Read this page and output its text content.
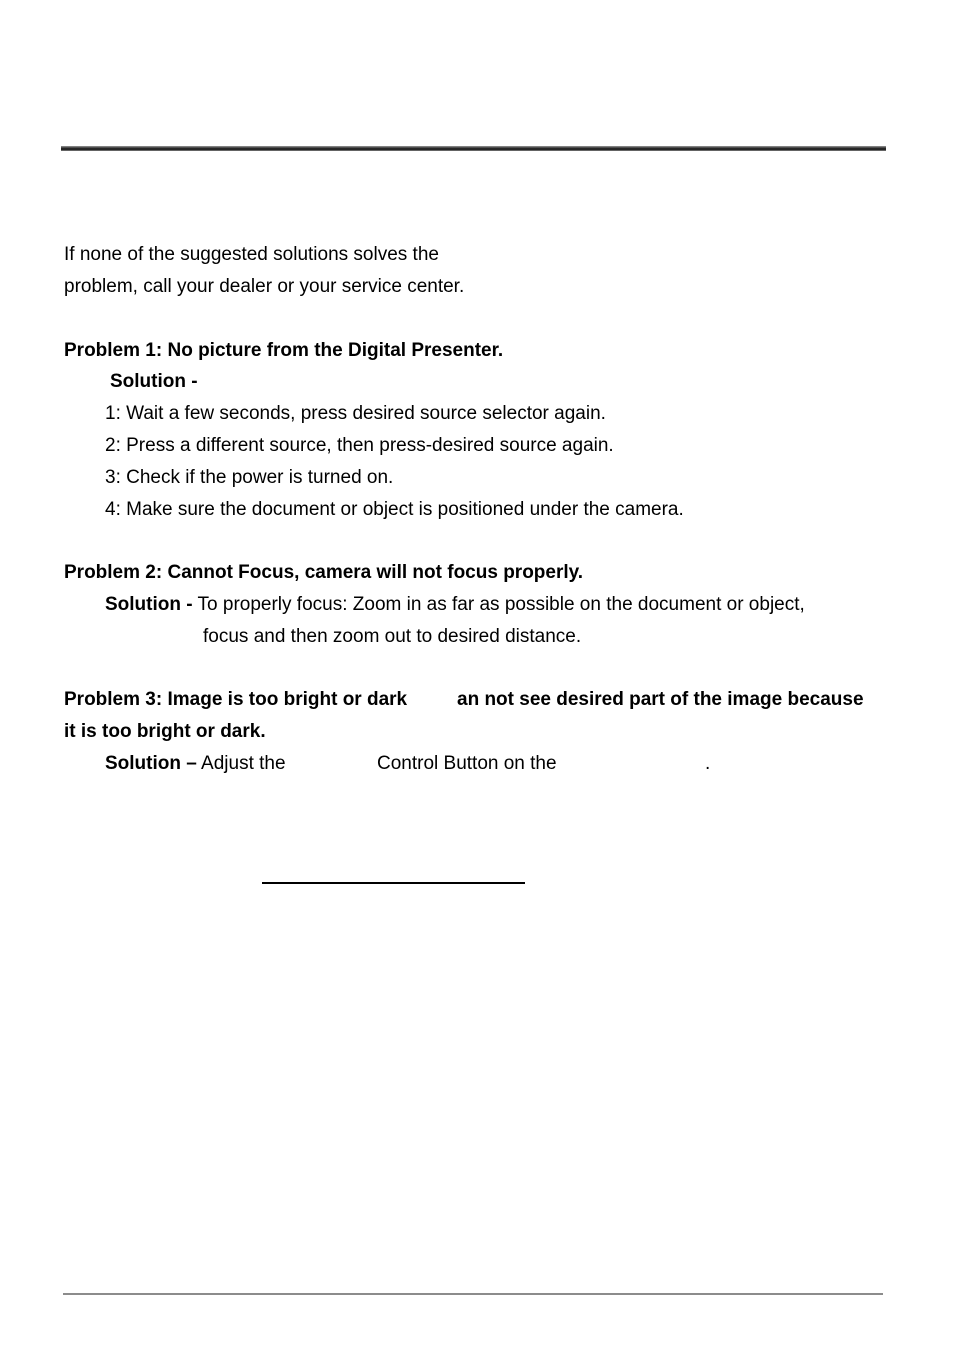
If none of the suggested solutions solves the
problem, call your dealer or your service center.
Problem 1: No picture from the Digital Presenter.
Solution -
1: Wait a few seconds, press desired source selector again.
2: Press a different source, then press-desired source again.
3: Check if the power is turned on.
4: Make sure the document or object is positioned under the camera.
Problem 2: Cannot Focus, camera will not focus properly.
Solution - To properly focus: Zoom in as far as possible on the document or object,
focus and then zoom out to desired distance.
Problem 3: Image is too bright or dark	an not see desired part of the image because
it is too bright or dark.
Solution – Adjust the	Control Button on the	.
